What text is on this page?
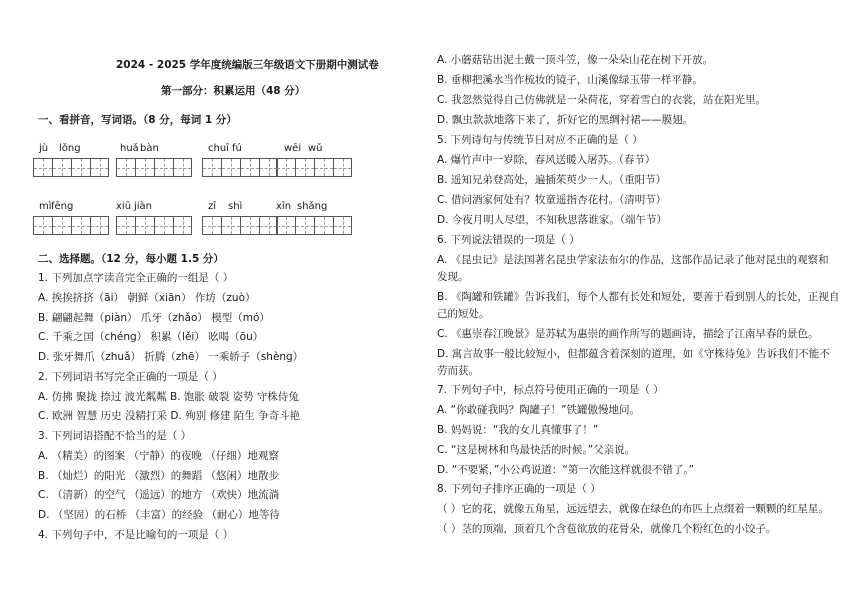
2024 - 2025 学年度统编版三年级语文下册期中测试卷
第一部分：积累运用（48 分）
一、看拼音，写词语。（8 分，每词 1 分）
jù lǒng	huǎ bàn	chuī fú	wēi wǔ
mì fēng	xiū jiàn	zī shì	xīn shǎng
二、选择题。（12 分，每小题 1.5 分）
1. 下列加点字读音完全正确的一组是（ ）
A. 挨挨挤挤（āi） 朝鲜（xiān） 作坊（zuò）
B. 翩翩起舞（piàn） 爪牙（zhǎo） 模型（mó）
C. 千乘之国（chéng） 积累（lěi） 吆喝（ōu）
D. 张牙舞爪（zhuǎ） 折腾（zhē） 一乘轿子（shèng）
2. 下列词语书写完全正确的一项是（ ）
A. 仿拂 聚拢 捺过 波光粼粼 B. 饱胀 破裂 姿势 守株侍兔
C. 欧洲 智慧 历史 没精打采 D. 殉别 修建 陌生 争奇斗艳
3. 下列词语搭配不恰当的是（ ）
A. （精美）的图案 （宁静）的夜晚 （仔细）地观察
B. （灿烂）的阳光 （激烈）的舞蹈 （悠闲）地散步
C. （清新）的空气 （遥远）的地方 （欢快）地流淌
D. （坚固）的石桥 （丰富）的经验 （耐心）地等待
4. 下列句子中，不是比喻句的一项是（ ）
A. 小蘑菇钻出泥土戴一顶斗笠，像一朵朵山花在树下开放。
B. 垂柳把溪水当作梳妆的镜子，山溪像绿玉带一样平静。
C. 我忽然觉得自己仿佛就是一朵荷花，穿着雪白的衣裳，站在阳光里。
D. 飘虫款款地落下来了，折好它的黑绸衬裙——膜翅。
5. 下列诗句与传统节日对应不正确的是（ ）
A. 爆竹声中一岁除，春风送暖入屠苏。（春节）
B. 遥知兄弟登高处，遍插茱萸少一人。（重阳节）
C. 借问酒家何处有？牧童遥指杏花村。（清明节）
D. 今夜月明人尽望，不知秋思落谁家。（端午节）
6. 下列说法错误的一项是（ ）
A. 《昆虫记》是法国著名昆虫学家法布尔的作品，这部作品记录了他对昆虫的观察和
发现。
B. 《陶罐和铁罐》告诉我们，每个人都有长处和短处，要善于看到别人的长处，正视自
己的短处。
C. 《惠崇春江晚景》是苏轼为惠崇的画作所写的题画诗，描绘了江南早春的景色。
D. 寓言故事一般比较短小，但都蕴含着深刻的道理，如《守株待兔》告诉我们不能不
劳而获。
7. 下列句子中，标点符号使用正确的一项是（ ）
A. “你敢碰我吗？陶罐子！”铁罐傲慢地问。
B. 妈妈说：“我的女儿真懂事了！”
C. “这是树林和鸟最快活的时候。”父亲说。
D. “不要紧，”小公鸡说道：“第一次能这样就很不错了。”
8. 下列句子排序正确的一项是（ ）
（ ）它的花，就像五角星，远远望去，就像在绿色的布匹上点缀着一颗颗的红星星。
（ ）茎的顶端，顶着几个含苞欲放的花骨朵，就像几个粉红色的小饺子。
